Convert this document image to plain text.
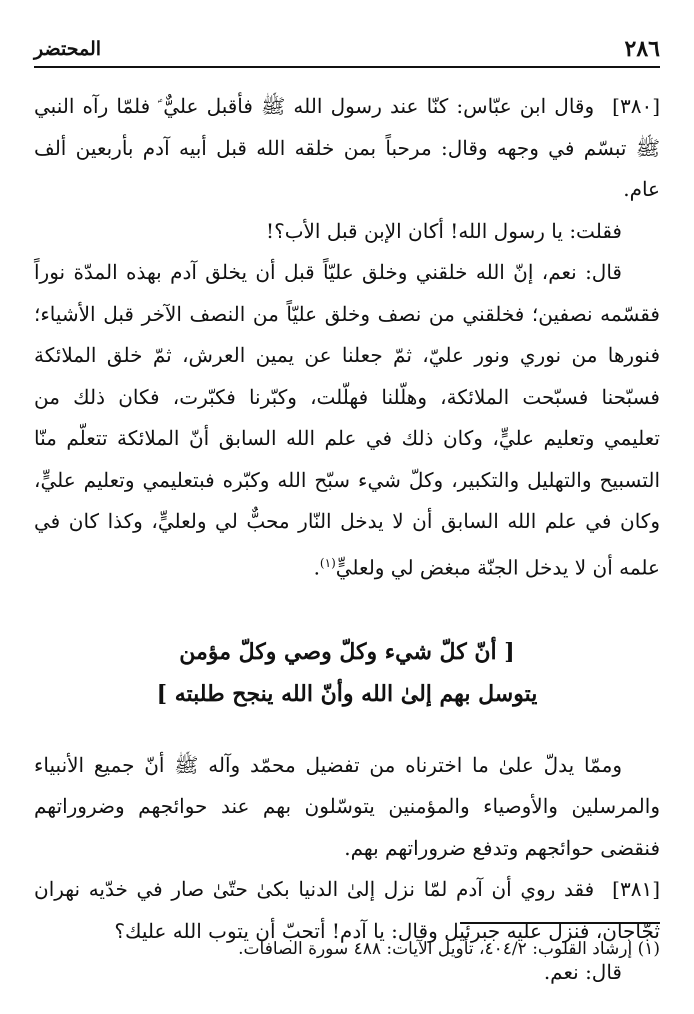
٢٨٦
المحتضر

[٣٨٠]وقال ابن عبّاس: كنّا عند رسول الله ﷺ فأقبل عليٌّ ؑ فلمّا رآه النبي ﷺ تبسّم في وجهه وقال: مرحباً بمن خلقه الله قبل أبيه آدم بأربعين ألف عام.

فقلت: يا رسول الله! أكان الإبن قبل الأب؟!

قال: نعم، إنّ الله خلقني وخلق عليّاً قبل أن يخلق آدم بهذه المدّة نوراً فقسّمه نصفين؛ فخلقني من نصف وخلق عليّاً من النصف الآخر قبل الأشياء؛ فنورها من نوري ونور عليّ، ثمّ جعلنا عن يمين العرش، ثمّ خلق الملائكة فسبّحنا فسبّحت الملائكة، وهلّلنا فهلّلت، وكبّرنا فكبّرت، فكان ذلك من تعليمي وتعليم عليٍّ، وكان ذلك في علم الله السابق أنّ الملائكة تتعلّم منّا التسبيح والتهليل والتكبير، وكلّ شيء سبّح الله وكبّره فبتعليمي وتعليم عليٍّ، وكان في علم الله السابق أن لا يدخل النّار محبٌّ لي ولعليٍّ، وكذا كان في علمه أن لا يدخل الجنّة مبغض لي ولعليٍّ$^{(١)}$.

[ أنّ كلّ شيء وكلّ وصي وكلّ مؤمن
يتوسل بهم إلىٰ الله وأنّ الله ينجح طلبته ]

وممّا يدلّ علىٰ ما اخترناه من تفضيل محمّد وآله ﷺ أنّ جميع الأنبياء والمرسلين والأوصياء والمؤمنين يتوسّلون بهم عند حوائجهم وضروراتهم فنقضى حوائجهم وتدفع ضروراتهم بهم.

[٣٨١]فقد روي أن آدم لمّا نزل إلىٰ الدنيا بكىٰ حتّىٰ صار في خدّيه نهران ثجّاجان، فنزل عليه جبرئيل وقال: يا آدم! أتحبّ أن يتوب الله عليك؟

قال: نعم.

(١) إرشاد القلوب: ٤٠٤/٢، تأويل الآيات: ٤٨٨ سورة الصافات.
